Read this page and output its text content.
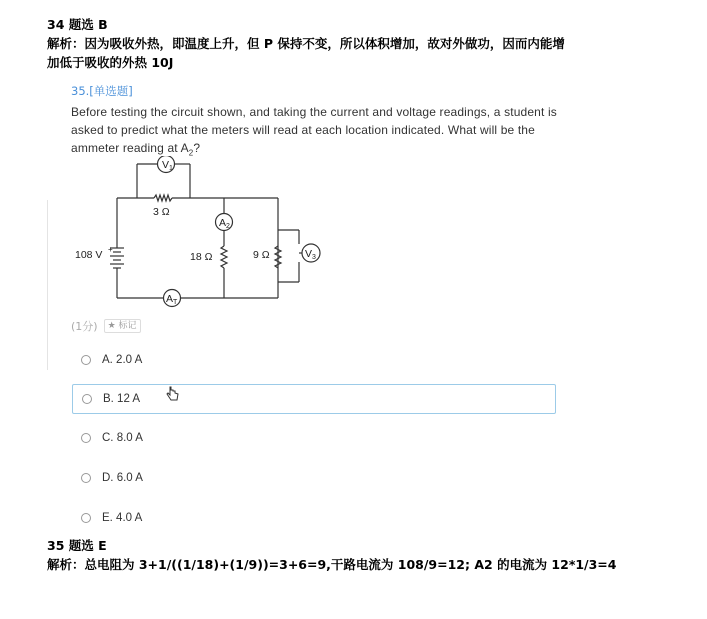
34 题选 B
解析：因为吸收外热，即温度上升，但 P 保持不变，所以体积增加，故对外做功，因而内能增
加低于吸收的外热 10J
35.[单选题]
Before testing the circuit shown, and taking the current and voltage readings, a student is asked to predict what the meters will read at each location indicated. What will be the ammeter reading at $A_2$?
V1
3 Ω
A2
108 V +
18 Ω	9 Ω	V3
AT
(1分)	★ 标记
A. 2.0 A
B. 12 A
C. 8.0 A
D. 6.0 A
E. 4.0 A
35 题选 E
解析：总电阻为 3+1/((1/18)+(1/9))=3+6=9,干路电流为 108/9=12; A2 的电流为 12*1/3=4
